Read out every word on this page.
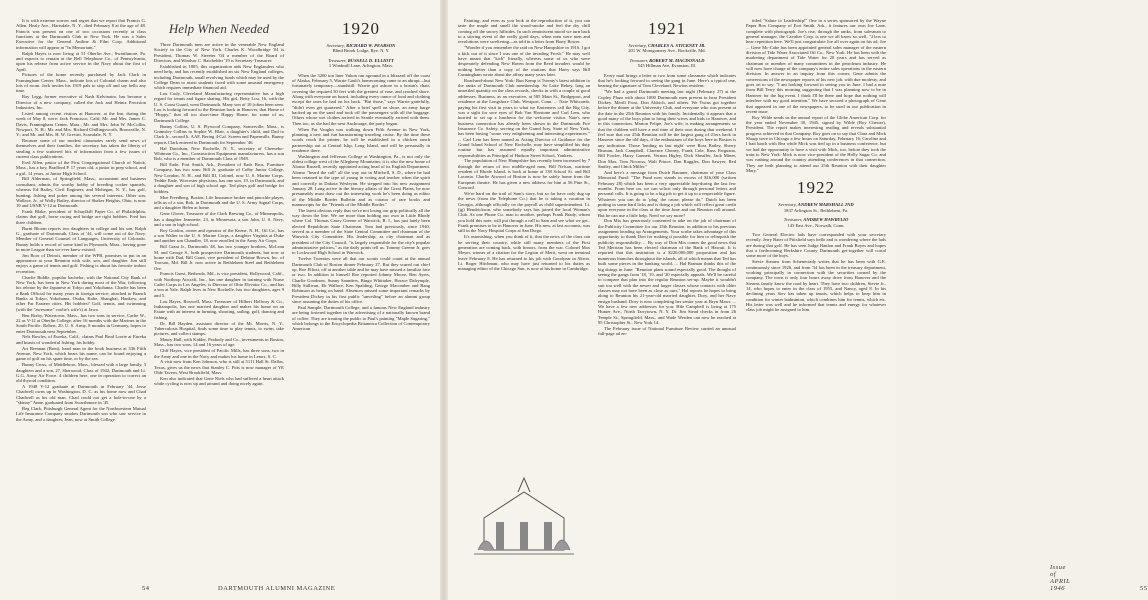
It is with extreme sorrow and regret that we report that Francis G. Allen, Healy Ave., Hartsdale, N. Y., died February 8 at the age of 48. Francis was present on one of two occasions recently at class functions at the Dartmouth Club in New York. He was a Sales Executive for the General Aniline & Film Corp. Additional information will appear in "In Memoriam."

Ralph Hayes is now living at 51 Oberlin Ave., Swarthmore, Pa. and expects to remain at the Bell Telephone Co., of Pennsylvania, upon his release from active service in the Navy about the first of April.

Pictures of the home recently purchased by Jack Clark in Framingham Center, Mass., indicate lots of Colonial charm and also lots of room. Jack invites his 1919 pals to stop off and say hello any time.

Ray Legg, former executive of Nash Kelvinator, has become a Director of a new company, called the Jack and Heintz Precision Industries, Inc.

Listed among recent visitors at Hanover, at the Inn, during the week of May 8, were: Jack Francisco, Calif; Mr. and Mrs. James C. Davis, Framingham Center, Mass.; Mr. and Mrs. John W. McCollin, Newport, N. H.; Mr. and Mrs. Richard Chillingsworth, Bronxville, N. Y.; and Mr. and Mrs. H. W. Grevatt, Scarsdale, N. Y.

Because some of our modest classmates rarely send news of themselves and their families, the secretary has taken the liberty of stealing a few scattered bits of information from a few issues of current class publications.

Fred Allen, pastor of the First Congregational Church of Natick, Mass., has a boy, Bradford P. 17 years old, a junior in prep school, and a girl, 14 years, at Junior High School.

Bill Alderman, of Springfield, Mass., accountant and business consultant, admits the worthy hobby of breeding cocker spaniels, whereas Ed Bailey, Civil Engineer, and Mohegan, N. Y., has golf, hunting, fishing and poker among his several interests. Other son, Wallace, Jr., of Wolly Bailey, director of Shaker Heights, Ohio, is now 19 and USNR V-12 at Dartmouth.

Frank Blake, president of Schuylkill Paper Co. of Philadelphia, claims that golf, horse racing and bridge are right hobbies. Fred has three children.

Burnt Bloom reports two daughters in college and his son, Ralph G., graduate of Dartmouth, Class of '44, will come out of the Navy. Member of General Counsel of Languages, University of Colorado. Bunny holds a record of some kind in Plymouth, Mass., having gone in more League than we ever knew existed.

Jim Boor of Detroit, member of the WPB, promises to put in an appearance at your Reunion with wife, son, and daughter. Jim still enjoys a game of tennis and golf. Fishing is about his favorite indoor recreation.

Charlie Biddle, popular bachelor, with the National City Bank of New York, has been in New York during most of the War, following his release by the Japanese at Tokyo and Yokohama. Charlie has been a Bank Official for many years in foreign service, attached to Branch Banks at Tokyo, Yokohama, Osaka, Kobe, Shanghai, Hankow, and other Far Eastern cities. His hobbies? Golf, tennis, and swimming (with the "awesome" coolie's wife's) at Jawa.

Ben Bixby, Watertown, Mass., has two sons in service, Carlie W., 22 as V-12 at Oberlin College, after 16 months with the Marines in the South Pacific. Robert, 20, U. S. Army, 8 months in Germany, hopes to enter Dartmouth next September.

Nels Bowles, of Eureka, Calif., claims Paul Brod Lorrie at Eureka and boasts of wonderful fishing, his hobby.

Art Brennan (Bren), head man in the book business at 336 Fifth Avenue, New York, which bears his name, can be found enjoying a game of golf on his spare time, or by the sea.

Bunny Cross, of Middleboro, Mass., blessed with a large family, 3 daughters and a son, 27, Sherwood, Class of 1942, Dartmouth and Lt. G.G. Army Air Force. 4 children here, one in operation to correct an old thyroid condition.

A 1948 V-12 graduate at Dartmouth in February '44, Jesse Chadwell owns up to Washington, D. C. as his home now and Chad Chadwell as his old man. Chad could not get a hole-in-one by a "skinny" Anne, graduated from Swarthmore in '45.

Reg Clark, Pittsburgh General Agent for the Northwestern Mutual Life Insurance Company smokes Dartmouth son who saw service in the Army, and a daughter, Jean, now at Smith College.

Help When Needed

Three Dartmouth men are active in the venerable New England Society in the City of New York. Charles K. Woodbridge '04 is President, Thomas W. Streeter '04 a member of the Board of Directors, and Windsor C. Batchelder '19 is Secretary-Treasurer.

Established in 1805, this organization aids New Englanders who need help, and has recently established an six New England colleges, including Dartmouth, small revolving funds which may be used by the College Dean to assist students faced with some unusual emergency which requires immediate financial aid.

Lou Cody, Cleveland Manufacturing representative has a high regard for tennis and figure skating. His girl, Betty Lou, 16, with the U. S. Coast Guard, went Dartmouth. Many son of 10 (often been seen. Lou is looking forward to the Reunion back in Hanover, that Home of "Hoppy," that all too short-time Happy Home, for some of us, Dartmouth College.

Bunny Collins, U. S. Plywood Company, Somerville, Mass., is Gramsley Collins to Sophie W. Blair, a daughter's child, and Dad to Clark Jr., second lt. AAF, Bering 4-Cal. Screen and Papermills. Bunny reports Clark entered in Dartmouth for September '46.

Hal Davidson, New Rochelle, N. Y., secretary of Cheesebo-Whitman Co., Inc., Construction Equipment manufacturers, has a son Bob, who is a member of Dartmouth Class of 1949.

Bill Eade, Fort Smith, Ark., President of Eads Bros. Furniture Company, has two sons: Bill Jr. graduate of Colby Junior College, New London, N. H., and Bill III, Colonel, now U. S. Marine Corps. Teddie Eade, Worcester physician, has one son, 19, in Dartmouth, and a daughter and son of high school age. Ted plays golf and bridge for hobbies.

Moe Freedberg, Boston, Life Insurance broker and pinochle player, tells us of a son, Bob, in Dartmouth and the U. S. Army Signal Corps, and a daughter Helen at home.

Gene Glover, Treasurer of the Clark Brewing Co., of Minneapolis, has a daughter Jeannette, 23, in Minnesota, a son John, U. S. Navy, and a son in high school.

Roy Gordon, owner and operator of the Keene, N. H., Oil Co., has a son Walter in the U. S. Marine Corps, a daughter Virginia at Duke and another son Chandler, 18, now enrolled in the Army Air Corps.

Bill Grant Jr., Dartmouth '48, has two younger brothers, McLean M. and George S., both prospective Dartmouth students, but now at home with Dad, Bill Grant, vice president of Delaine Brown, Inc. of Towson, Md. Bill Jr. now active in Bethlehem Steel and Bethlehem Ore.

Francis Guest, Bethesda, Md., is vice president, Hollywood, Calif., with Northrop Aircraft, Inc., has one daughter in training with Nurse Cadet Corps in Los Angeles, is Director of Ohio Elevator Co., and has a son at Yale. Ralph lives in New Rochelle, has two daughters, ages 9 and 5.

Lou Hayes, Roxwell, Mass. Treasurer of Hilbert Hollway & Co., Indianapolis, has one married daughter and makes his home on an Estate with an interest in farming, shooting, sailing, golf, dancing and fishing.

Dr. Bill Hayden, assistant director of the Mt. Morris, N. Y., Tuberculosis Hospital, finds some time to play tennis, to swim, take pictures, and collect stamps.

Maury Hall, with Kidder, Peabody and Co., investments in Boston, Mass., has two sons, 14 and 16 years of age.

Cliff Hayes, vice president of Pacific Mills, has three sons, two in the Army and one in the Navy and makes his home in Lenox, S. C.

A visit now from Ken Johnson, who is still at 5111 Hall St. Dallas, Texas, gives us the news that Stanley C. Fitts is now manager of YE Olde Tavern, West Brookfield, Mass.

Ken also indicated that Gene Niels who had suffered a heart attack while cycling is now up and around and doing nicely again.

1920
Secretary, RICHARD W. PEARSON
Blind Brook Lodge, Rye, N. Y.
Treasurer, RUSSELL D. ELLIOTT
1 Windmill Lane, Arlington, Mass.

When the 3200 ton liner Yukon ran aground in a blizzard off the coast of Alaska, February 5, Warrie Gault's homecoming came to an abrupt—but fortunately temporary—standstill. Warrie got ashore in a bosun's chair, covering the required 50 feet with the greatest of ease, and reached shore. Along with everyone on board, including every ounce of food and clothing except the ones he had on his back. "But those," says Warrie gratefully, "didn't even get quartered." After a brief spell on shore, an army barge backed up on the sand and took off the passengers with all the baggage. Others whose wet clothes arrived in Seattle eventually arrived with them. Then too, as she had the next Anchorage, the party began.

When Pat Vaughn was walking down Fifth Avenue in New York, planning a new and fun barnstorming-traveling cruise. By the time these words reach the printer, he will be established in a chicken ranch partnership out at Central Islip, Long Island, and will be personally in residence there.

Washington and Jefferson College at Washington, Pa., is not only the oldest college west of the Allegheny Mountains; it is also the new home of Alonso Russell, recently appointed acting head of its English Department. Alonso "heard the call" all the way out in Mitchell, S. D., where he had been retained in the type of young in voting and teacher when the spirit and correctly in Dakota Wesleyan. He stepped into his new assignment January 28. Long active in the literary affairs of the Great Plains, he now presumably must draw out the interesting work he's been doing as editor of the Middle Border Bulletin and as curator of rare books and manuscripts for the "Friends of the Middle Border."

The latest obvious reply that we're not losing our grip politically all the way down the line. We are more than holding our own in Little Rhody where Col. Thomas Casey Greene of Warwick, R. I., has just lately been elected Republican State Chairman. Tom had previously, since 1940, served as a member of the State Central Committee and chairman of the Warwick City Committee. His leadership, as city chairman and as president of the City Council, "is largely responsible for the city's popular administrative policies," as the daily prints tell us. Tommy Greene Jr. goes to Lockwood High School in Warwick.

Twelve Twenties were all that our scouts could count at the annual Dartmouth Club of Boston dinner February 27. But they scared out chief op, Roe Elliott, off at another table and he may have missed a familiar face or two. In addition to himself Roe reported Johnny Moore, Ben Ayers, Charlie Goodnow, Sunny Saunders, Bingo Whittaker, Horace Dalrymple, Billy Sullivan, Eb Wallace, Ken Spalding, George Macomber and Bang Robinson as being on hand. Absences missed some important remarks by President Dickey in his first public "unveiling" before an alumni group since assuming the duties of his office.

Paul Sample, Dartmouth College, and a famous New England industry are being fostered together in the advertising of a nationally known brand of coffee. They are treating the public to Paul's painting "Maple Sugaring," which belongs to the Encyclopedia Britannica Collection of Contemporary American

54	DARTMOUTH ALUMNI MAGAZINE

Painting; and even as you look at the reproduction of it, you can taste the maple and smell the wood-smoke and feel the dry chill coming off the snowy hillsides. In such reminiscent mood we turn back to a stirring event of the really good days, when men were men and revolutions were sweltering—as told in a letter from Harry Bower.

"Wonder if you remember the raid on New Hampshire in 1916. I got a kick out of it since I was one of the invading Frosh." He may well have meant that "kick" literally, whereas some of us who were desperately defending New Haven from the Reed invaders would be nothing better than a copy of the orations that Harry says Bill Cunningham wrote about the affray many years later.

Road-and-about New York: Bun Kemp is Twenty's latest addition to the ranks of Dartmouth Club membership. So Luke Bekey, long an unsettled quantity on the class records, checks in with a couple of good addresses. Business, as an executive, at 585 Main St., Bridgeport, and residence at the Longshore Club, Westport, Conn. ... Nate Whitcomb, paying his first visit in years to what we Easterners call the Big City, was a sight for sore eyes of Bob Van Horstone and Carl Lem, who hurried to set up a luncheon for the welcome visitor. Nate's new business connection has already been shown in the Dartmouth Fire Insurance Co. Safety, serving on the Grand Jury, State of New York, has been having "some very enlightening and interesting experiences." ... Carl Lem has been named as Acting Director of Guidance for the Grand Island School of New Rochelle, may have simplified his duty routine but has assumed equally important administrative responsibilities as Principal of Hudson Street School, Yonkers.

The population of New Hampshire has recently been increased by 7 through the return of two middle-aged men, Bill Nelson, wartime resident of Rhode Island, is back at home at 138 School St. and Bill Laconia. Charlie Atwood of Boston is now be safely home from the European theatre. He has given a new address for him at 56 Pine St., Concord.

We're hard on the trail of Sam's story, but so far have only dug up the news (from the Telephone Co.) that he is taking a vacation in Georgia, although officially on the payroll as child superintendent. Lt. (jg) Hendrickson, who somebody says has joined the local Woman's Club. As one Phone Co. man to another, perhaps Frank Brady, whom you hold this note, will put through a call to Sam and see what we get.. Frank promises to be in Hanover in June. His new, at last accounts, was still in the Navy Hospital Corps at San Diego.

It's astonishing, when you think of it, that the news of the class can be serving their country, while still many members of the First generation are coming back, with honors, from the war. Colonel Max Meyer, winner of a citation for the Legion of Merit, went on terminal leave February 8. He has returned to his job with Goodyear in Akron. Lt. Roger Hitchman, who may have just returned to his duties as managing editor of the Chicago Sun, is now at his home in Cambridge.

1921
Secretary, CHARLES A. STICKNEY JR.
201 W. Montgomery Ave., Rockville, Md.
Treasurer, ROBERT M. MACDONALD
545 Hillman Ave, Evanston, Ill.

Every mail brings a letter or two from some classmate which indicates that he's looking forward to seeing the gang in June. Here's a typical one, bearing the signature of Tom Cleveland, Newton resident:

"We had a grand Dartmouth meeting last night (February 27) at the Copley Plaza with about 1000 Dartmouth men present to hear President Dickey. Merill Frost, Don Aldrich, and others. We Twins got together before the dinner at the University Club, and everyone who was present at the date in the 25th Reunion with his family. Incidentally, it appears that a good many of the boys plan to bring their wives and kids to Hanover, and in this connection, Marion Felipe, Joe's wife, is making arrangements so that the children will have a real time of their own during that weekend. I feel sure that our 25th Reunion will be the largest gang of 21ers back in Hanover since the old days, if the enthusiasm of the boys here in Boston is any indication. Those 'lending us last night' were Ross Bailey, Sherry Bisman, Jack Campbell, Clarence Cheney, Frank Cole, Russ Ferguson, Bill Fowler, Harry Gannett, Vernon Higley, Dick Sheaffer, Jack Miner, Don Max, Tom Nocross, Walt Prince, Dan Ruggles, Don Sawyer, Red Smiley, and Chick Miller."

And here's a message from Dutch Bauuner, chairman of your Class Memorial Fund: "The Fund now stands in excess of $16,000 (written February 28) which has been a very appreciable hop-during the last few months. From here on, we can solicit only through personal letters and personal calls. It is going to be a big job to get it up to a respectable figure. Whatever you can do to 'plug' the cause, please do." Dutch has been putting in some hard licks and is doing a job which will reflect great credit upon everyone in the class at the time June and our Reunion roll around. But he can use a little help. Need we say more?

Don Mix has generously consented to take on the job of chairman of the Publicity Committee for our 25th Reunion, in addition to his previous assignment heading up Arrangements. Your scribe takes advantage of this opportunity to thank Don for making it possible for him to relinquish the publicity responsibility. ... By way of Don Mix comes the good news that Ted Merriam has been elected chairman of the Bank of Hawaii. It is reported that this institution is a $220,000,000 proposition and has numerous branches throughout the islands, all of which means that Ted has built some pieces in the banking world. ... Hal Braman thinks this of the big doings in June: "Reunion plans sound especially good. The thought of seeing the gangs from '18, '19, and '20 especially appeals. We'll be careful to compare that plan into the regular Reunion set-up. Maybe it wouldn't suit too well with the newer and larger classes whose contacts with older classes may not have been as close as ours." Hal reports he hopes to bring along to Reunion his 21-year-old married daughter, Dory, and her Navy ensign husband. Dory is now completing her senior year at Bryn Mawr. ... We have a few new addresses for you: Hile Campbell is living at 175 Hunter Ave., North Tarrytown, N. Y. Dr. Jim Stead checks in from 26 Temple St., Springfield, Mass., and Wade Werden can now be reached at 95 Christopher St., New York 14.

The February issue of National Furniture Review carried an unusual full-page ad en-

titled "Salute to Leadership!" One in a series sponsored by the Wayne Paper Box Company of Fort Smith, Ark., it features our own Joe Lane, complete with photograph. Joe's rise, through the ranks, from salesman to general manager, the Cavalier Corp. is one we all know so well, "21ers to hear repetition here. We'll just congratulate Joe all over again on his ad, Joe ... Gene Mc-Cabe has been appointed general sales manager of the eastern division of Tide Water Associated Oil Co., New York. He has been with the marketing department of Tide Water for 20 years and has served as chairman or member of many committees in the petroleum industry. He will now have charge of the company's entire sales operations in the eastern division. In answer to an inquiry from this corner, Gene admits the conversions of the newspaper reports of his new job, with due modesty, and goes on to say: "I am looking forward to seeing you in June. I had a note from Bill Terry this morning suggesting that I was planning now to be in Hanover for the big event. I think I'll be there and hope that nothing will interfere with my good intention." We have secured a photograph of Gene that appeared in one of the newspapers, to be used in our publication in recent issue.

Roy Wilde sends us the annual report of the Globe American Corp. for the year ended November 30, 1945, signed by Wilde (Roy Chester), President. The report makes interesting reading and reveals substantial progress achieved in that Company. Roy goes on to say that Clara and Mick Shoup were in Chicago a few hours on Saturday, February 16, Caroline and I had lunch with Bea while Mick was tied up in a business conference, but we had the opportunity to have a visit with Mick, too, before they took the train to New York. Mick is now vice-president of the Holly Sugar Co. and was rushing around the country attending conferences in that connection. They are both planning to attend our 25th Reunion with their daughter Mary."

1922
Secretary, ANDREW MARSHALL 2ND
1837 Arlington St., Bethlehem, Pa.
Treasurer, ANDREW HAWRYLIO
143 East Ave., Norwalk, Conn.

Two General Electric lads have corresponded with your secretary recently. Jerry Baier of Pittsfield says hello and is wondering where the lads are during that golf. He has seen Judge Hanlon and Frank Boyes and hopes that a forthcoming Berkshire County Dartmouth get-together will corral some more of the boys.

Stevie Stearns from Schenectady writes that he has been with G.E. continuously since 1926, and from '34 has been in the treasury department, working principally in connection with the securities owned by the company. The town is only four hours away drive from Hanover and the Stearns family know the road by heart. They have two children, Stevie Jr., 14, who hopes to enter in the class of 1955, and Nancy, aged 8. In his declining years Stev has taken up tennis, which helps to keep him in condition for winter badminton, which combines him for tennis, which etc. His letter was well and he informed that tennis and energy for whatever class job might be assigned to him.

Issue of APRIL 1946	55
